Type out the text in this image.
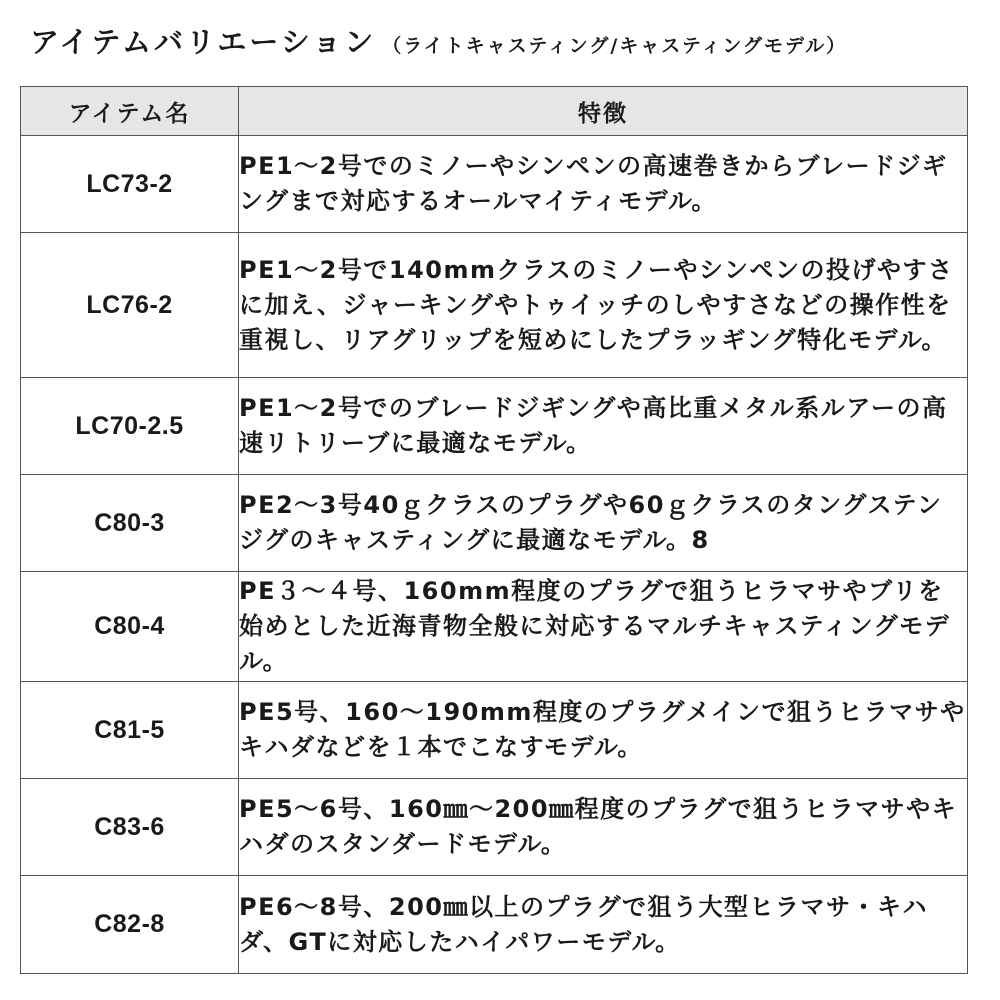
アイテムバリエーション （ライトキャスティング/キャスティングモデル）
アイテム名	特徴
LC73-2	PE1～2号でのミノーやシンペンの高速巻きからブレードジギングまで対応するオールマイティモデル。
LC76-2	PE1～2号で140mmクラスのミノーやシンペンの投げやすさに加え、ジャーキングやトゥイッチのしやすさなどの操作性を重視し、リアグリップを短めにしたプラッギング特化モデル。
LC70-2.5	PE1～2号でのブレードジギングや高比重メタル系ルアーの高速リトリーブに最適なモデル。
C80-3	PE2～3号40ｇクラスのプラグや60ｇクラスのタングステンジグのキャスティングに最適なモデル。8
C80-4	PE３～４号、160mm程度のプラグで狙うヒラマサやブリを始めとした近海青物全般に対応するマルチキャスティングモデル。
C81-5	PE5号、160～190mm程度のプラグメインで狙うヒラマサやキハダなどを１本でこなすモデル。
C83-6	PE5～6号、160㎜～200㎜程度のプラグで狙うヒラマサやキハダのスタンダードモデル。
C82-8	PE6～8号、200㎜以上のプラグで狙う大型ヒラマサ・キハダ、GTに対応したハイパワーモデル。
